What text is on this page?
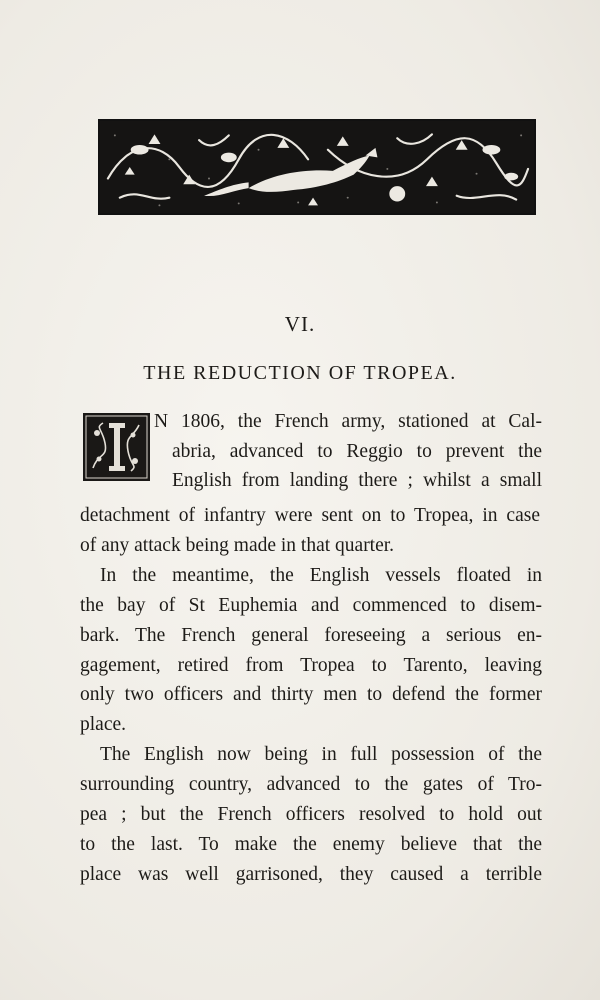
VI.
THE REDUCTION OF TROPEA.
I	N 1806, the French army, stationed at Cal-
abria, advanced to Reggio to prevent the
English from landing there ; whilst a small
detachment of infantry were sent on to Tropea, in case
of any attack being made in that quarter.
In the meantime, the English vessels floated in
the bay of St Euphemia and commenced to disem-
bark. The French general foreseeing a serious en-
gagement, retired from Tropea to Tarento, leaving
only two officers and thirty men to defend the former
place.
The English now being in full possession of the
surrounding country, advanced to the gates of Tro-
pea ; but the French officers resolved to hold out
to the last. To make the enemy believe that the
place was well garrisoned, they caused a terrible
